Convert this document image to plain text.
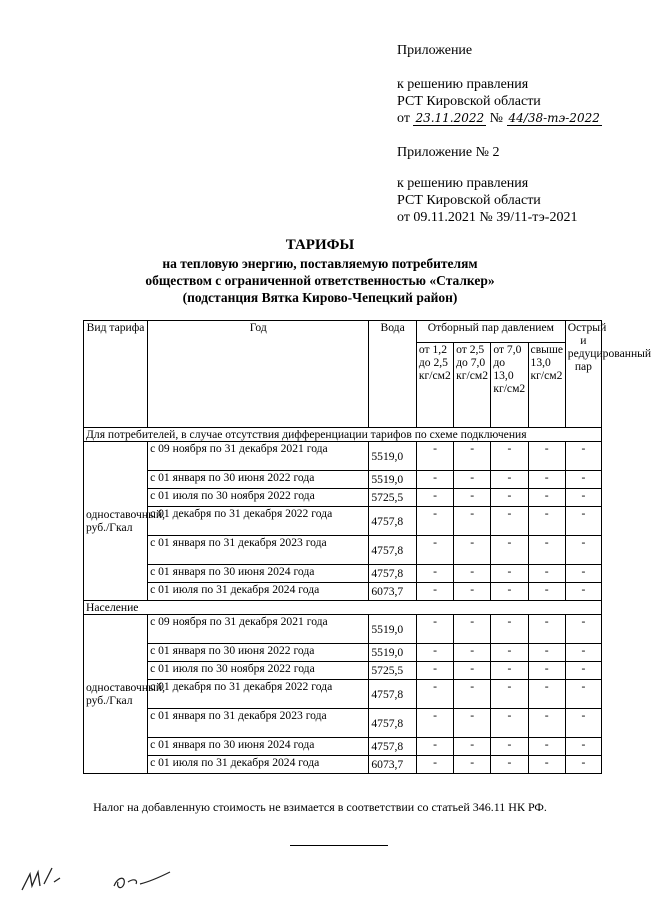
Приложение
к решению правления
РСТ Кировской области
от 23.11.2022 № 44/38-тэ-2022
Приложение № 2
к решению правления
РСТ Кировской области
от 09.11.2021 № 39/11-тэ-2021
ТАРИФЫ
на тепловую энергию, поставляемую потребителям
обществом с ограниченной ответственностью «Сталкер»
(подстанция Вятка Кирово-Чепецкий район)
Вид тарифа	Год	Вода	Отборный пар давлением				Острый и редуцированный пар
			от 1,2 до 2,5 кг/см2	от 2,5 до 7,0 кг/см2	от 7,0 до 13,0 кг/см2	свыше 13,0 кг/см2	
Для потребителей, в случае отсутствия дифференциации тарифов по схеме подключения							
одноставочный, руб./Гкал	с 09 ноября по 31 декабря 2021 года	5519,0	-	-	-	-	-
	с 01 января по 30 июня 2022 года	5519,0	-	-	-	-	-
	с 01 июля по 30 ноября 2022 года	5725,5	-	-	-	-	-
	с 01 декабря по 31 декабря 2022 года	4757,8	-	-	-	-	-
	с 01 января по 31 декабря 2023 года	4757,8	-	-	-	-	-
	с 01 января по 30 июня 2024 года	4757,8	-	-	-	-	-
	с 01 июля по 31 декабря 2024 года	6073,7	-	-	-	-	-
Население							
одноставочный, руб./Гкал	с 09 ноября по 31 декабря 2021 года	5519,0	-	-	-	-	-
	с 01 января по 30 июня 2022 года	5519,0	-	-	-	-	-
	с 01 июля по 30 ноября 2022 года	5725,5	-	-	-	-	-
	с 01 декабря по 31 декабря 2022 года	4757,8	-	-	-	-	-
	с 01 января по 31 декабря 2023 года	4757,8	-	-	-	-	-
	с 01 января по 30 июня 2024 года	4757,8	-	-	-	-	-
	с 01 июля по 31 декабря 2024 года	6073,7	-	-	-	-	-
Налог на добавленную стоимость не взимается в соответствии со статьей 346.11 НК РФ.
